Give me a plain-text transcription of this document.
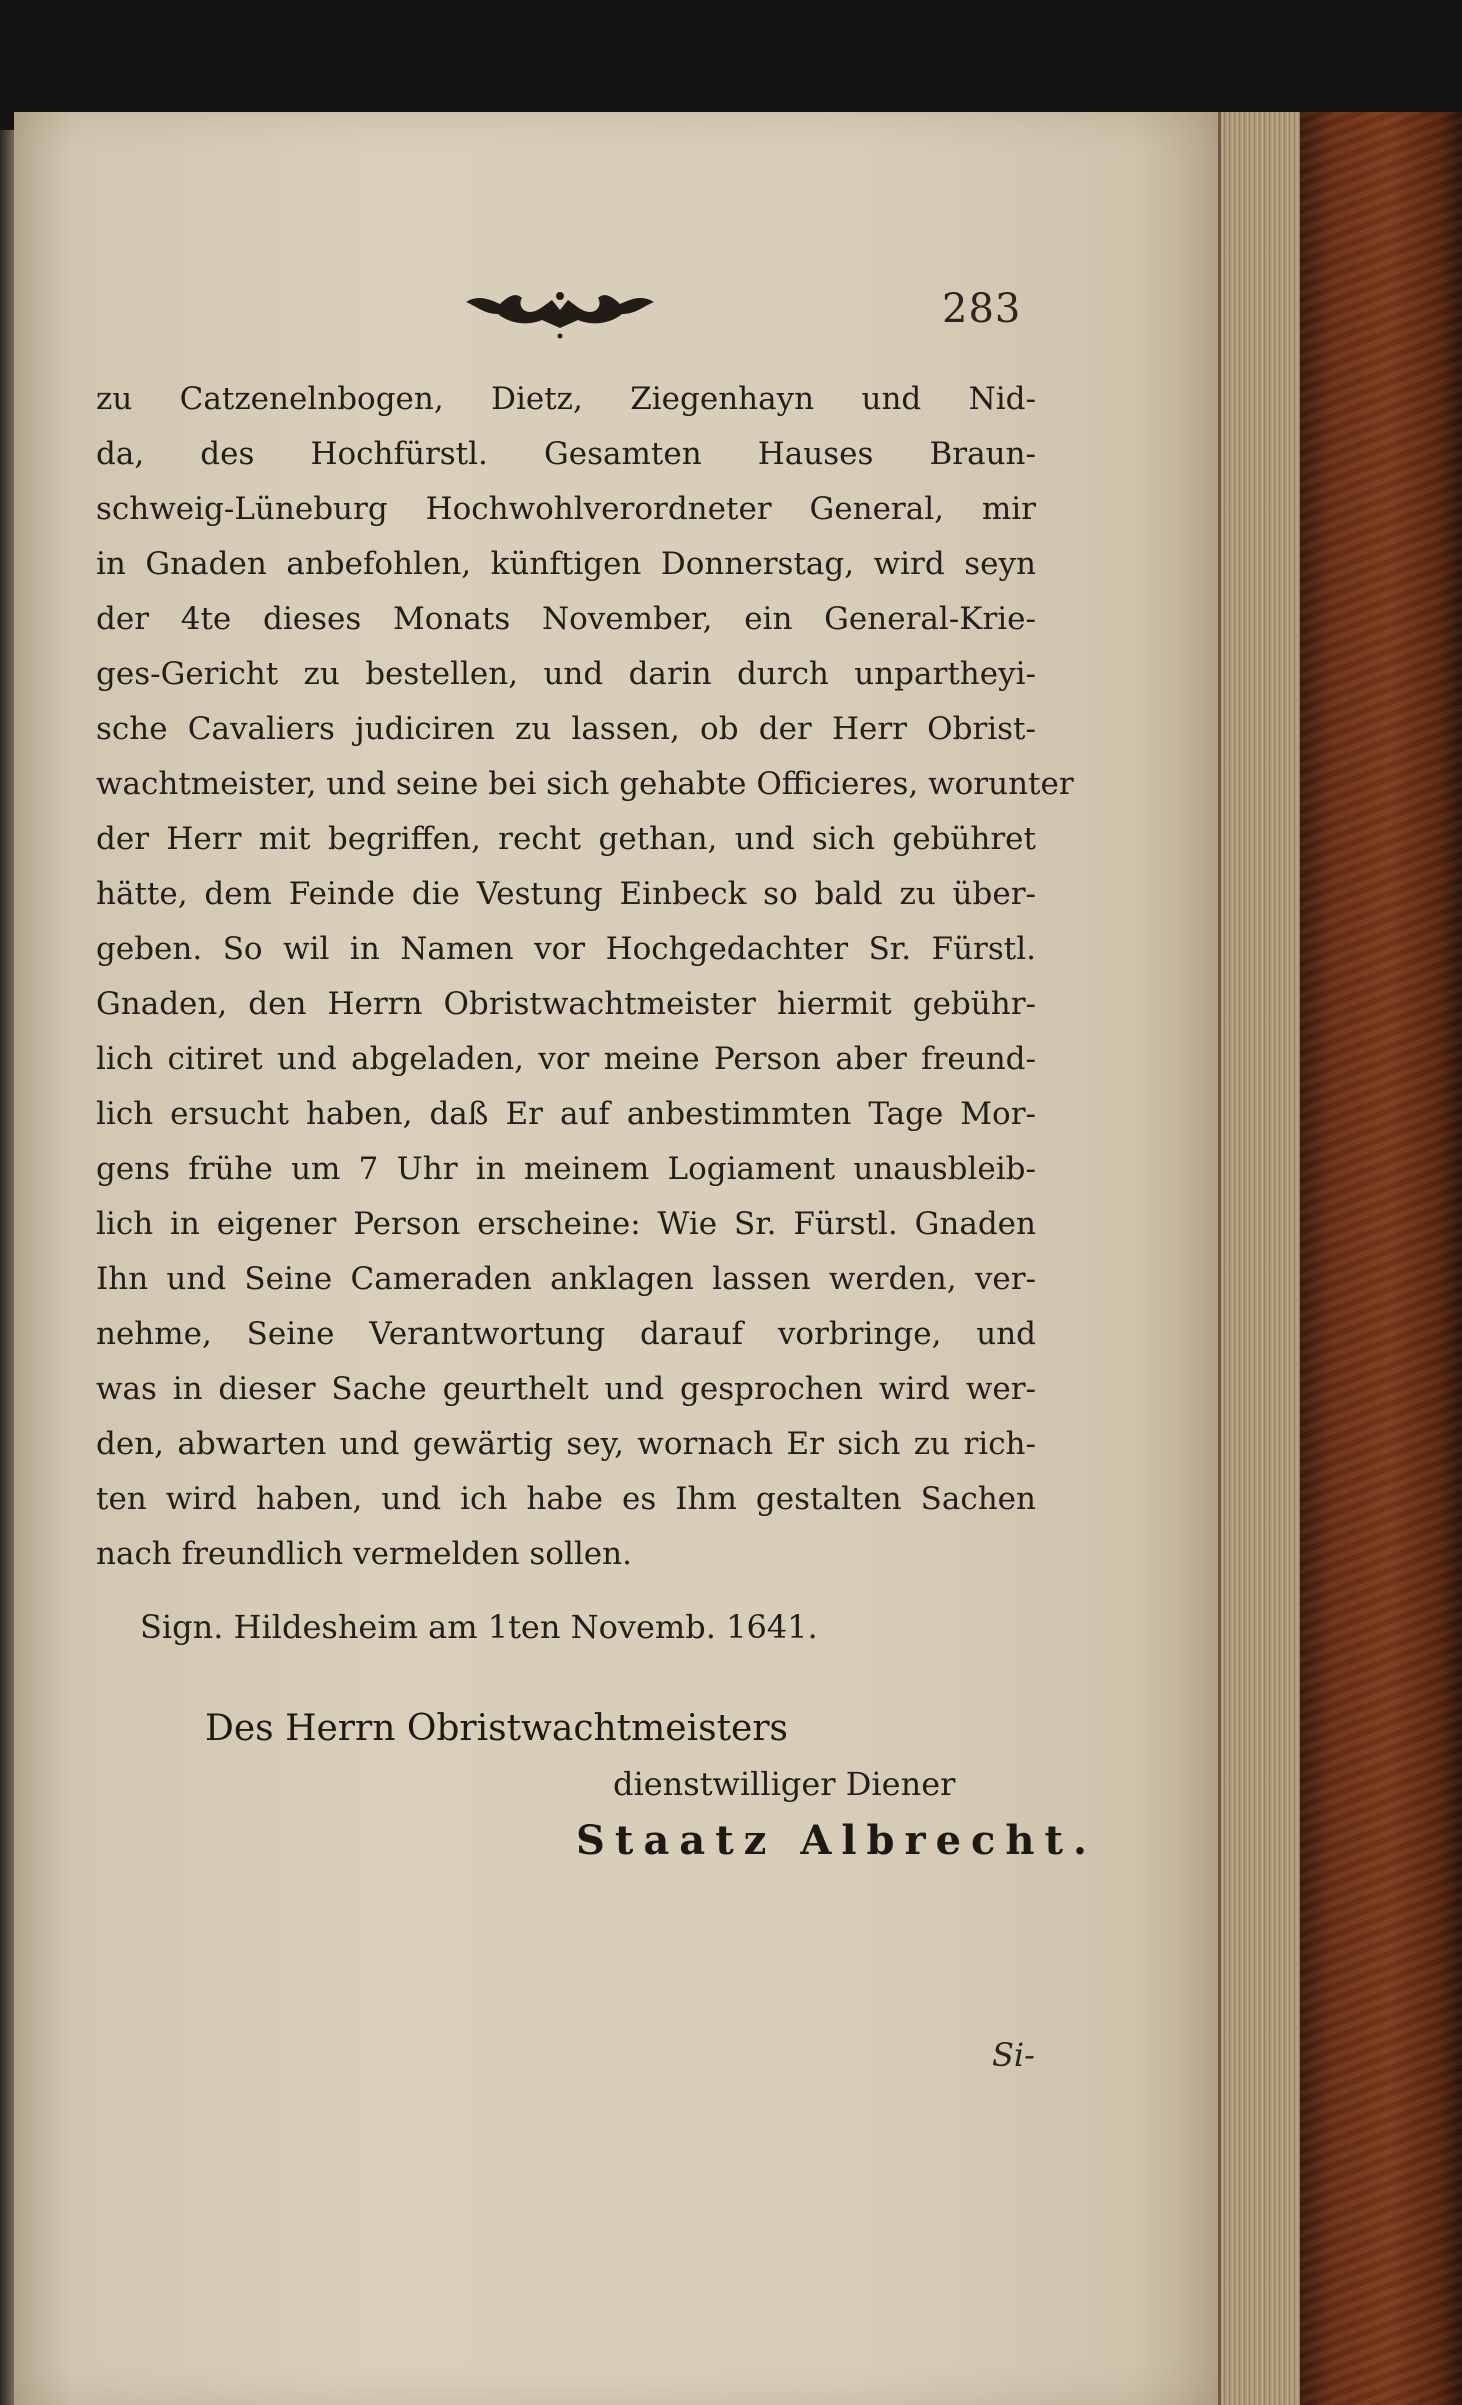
283
zu Catzenelnbogen, Dietz, Ziegenhayn und Nid-
da, des Hochfürstl. Gesamten Hauses Braun-
schweig-Lüneburg Hochwohlverordneter General, mir
in Gnaden anbefohlen, künftigen Donnerstag, wird seyn
der 4te dieses Monats November, ein General-Krie-
ges-Gericht zu bestellen, und darin durch unpartheyi-
sche Cavaliers judiciren zu lassen, ob der Herr Obrist-
wachtmeister, und seine bei sich gehabte Officieres, worunter
der Herr mit begriffen, recht gethan, und sich gebühret
hätte, dem Feinde die Vestung Einbeck so bald zu über-
geben. So wil in Namen vor Hochgedachter Sr. Fürstl.
Gnaden, den Herrn Obristwachtmeister hiermit gebühr-
lich citiret und abgeladen, vor meine Person aber freund-
lich ersucht haben, daß Er auf anbestimmten Tage Mor-
gens frühe um 7 Uhr in meinem Logiament unausbleib-
lich in eigener Person erscheine: Wie Sr. Fürstl. Gnaden
Ihn und Seine Cameraden anklagen lassen werden, ver-
nehme, Seine Verantwortung darauf vorbringe, und
was in dieser Sache geurthelt und gesprochen wird wer-
den, abwarten und gewärtig sey, wornach Er sich zu rich-
ten wird haben, und ich habe es Ihm gestalten Sachen
nach freundlich vermelden sollen.
Sign. Hildesheim am 1ten Novemb. 1641.
Des Herrn Obristwachtmeisters
dienstwilliger Diener
Staatz Albrecht.
Si-
